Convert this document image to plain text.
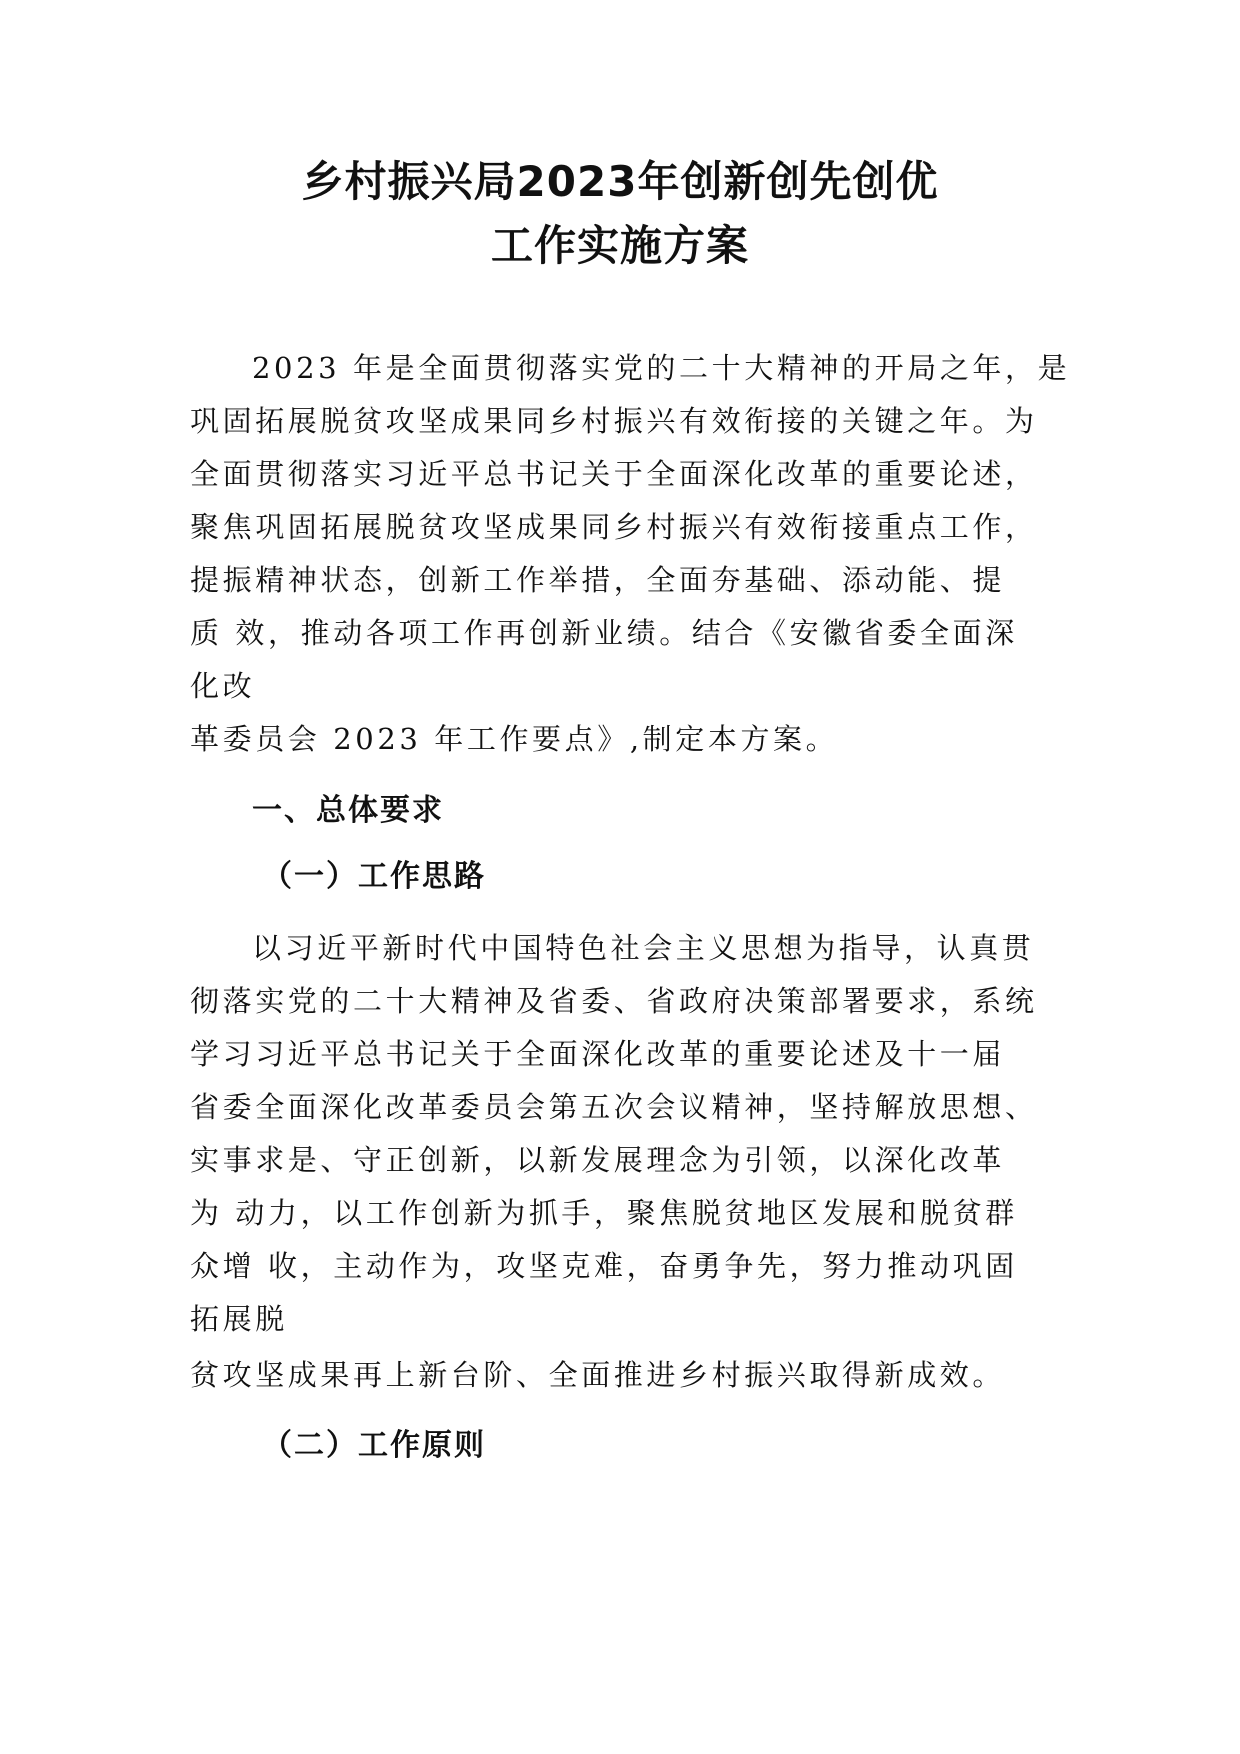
乡村振兴局2023年创新创先创优
工作实施方案

2023 年是全面贯彻落实党的二十大精神的开局之年，是

巩固拓展脱贫攻坚成果同乡村振兴有效衔接的关键之年。为

全面贯彻落实习近平总书记关于全面深化改革的重要论述，

聚焦巩固拓展脱贫攻坚成果同乡村振兴有效衔接重点工作，

提振精神状态，创新工作举措，全面夯基础、添动能、提

质 效，推动各项工作再创新业绩。结合《安徽省委全面深

化改

革委员会 2023 年工作要点》,制定本方案。

一、总体要求
（一）工作思路

以习近平新时代中国特色社会主义思想为指导，认真贯

彻落实党的二十大精神及省委、省政府决策部署要求，系统

学习习近平总书记关于全面深化改革的重要论述及十一届

省委全面深化改革委员会第五次会议精神，坚持解放思想、

实事求是、守正创新，以新发展理念为引领，以深化改革

为 动力，以工作创新为抓手，聚焦脱贫地区发展和脱贫群

众增 收，主动作为，攻坚克难，奋勇争先，努力推动巩固

拓展脱

贫攻坚成果再上新台阶、全面推进乡村振兴取得新成效。

（二）工作原则
